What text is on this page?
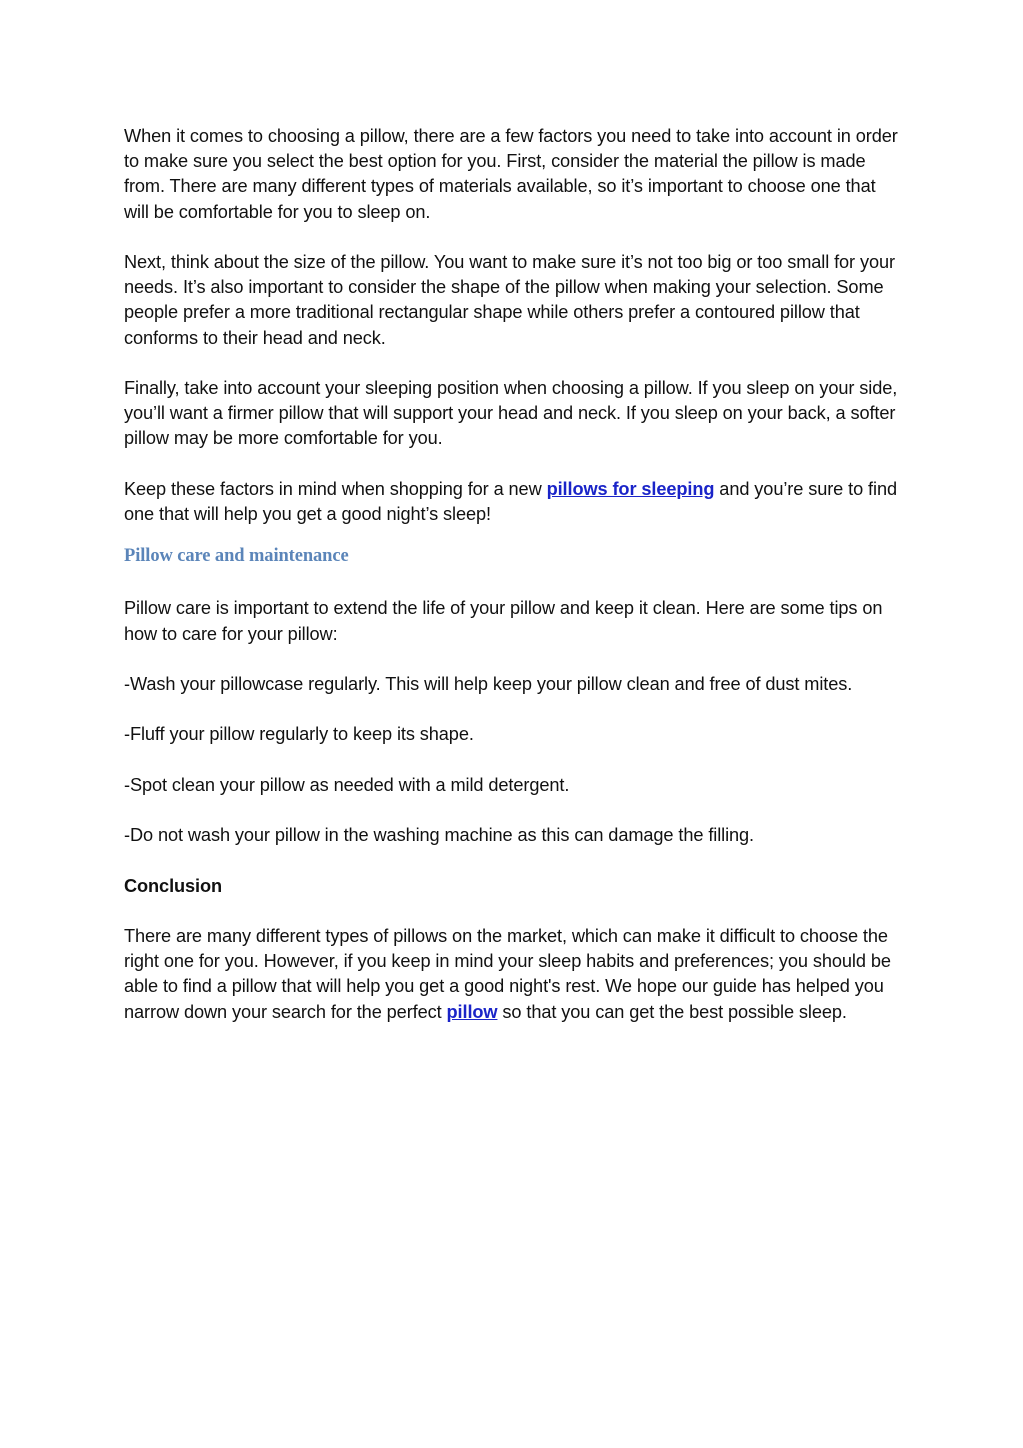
When it comes to choosing a pillow, there are a few factors you need to take into account in order to make sure you select the best option for you. First, consider the material the pillow is made from. There are many different types of materials available, so it’s important to choose one that will be comfortable for you to sleep on.

Next, think about the size of the pillow. You want to make sure it’s not too big or too small for your needs. It’s also important to consider the shape of the pillow when making your selection. Some people prefer a more traditional rectangular shape while others prefer a contoured pillow that conforms to their head and neck.

Finally, take into account your sleeping position when choosing a pillow. If you sleep on your side, you’ll want a firmer pillow that will support your head and neck. If you sleep on your back, a softer pillow may be more comfortable for you.

Keep these factors in mind when shopping for a new pillows for sleeping and you’re sure to find one that will help you get a good night’s sleep!

Pillow care and maintenance

Pillow care is important to extend the life of your pillow and keep it clean. Here are some tips on how to care for your pillow:

-Wash your pillowcase regularly. This will help keep your pillow clean and free of dust mites.

-Fluff your pillow regularly to keep its shape.

-Spot clean your pillow as needed with a mild detergent.

-Do not wash your pillow in the washing machine as this can damage the filling.

Conclusion

There are many different types of pillows on the market, which can make it difficult to choose the right one for you. However, if you keep in mind your sleep habits and preferences; you should be able to find a pillow that will help you get a good night's rest. We hope our guide has helped you narrow down your search for the perfect pillow so that you can get the best possible sleep.
